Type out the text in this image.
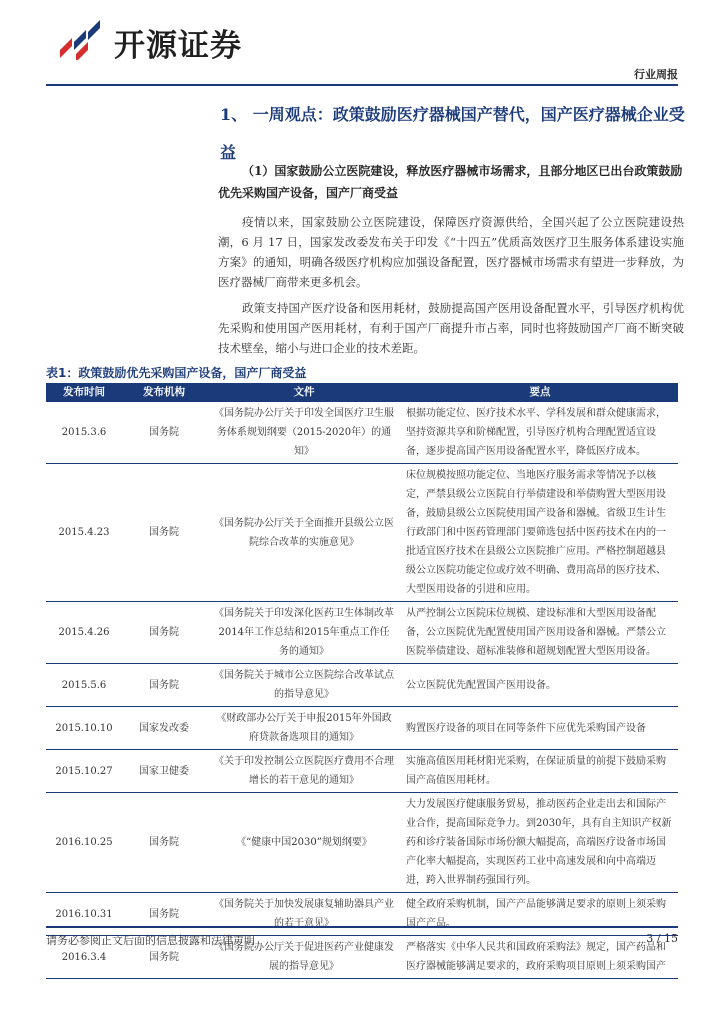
开源证券
行业周报
1、 一周观点：政策鼓励医疗器械国产替代，国产医疗器械企业受益
（1）国家鼓励公立医院建设，释放医疗器械市场需求，且部分地区已出台政策鼓励优先采购国产设备，国产厂商受益
疫情以来，国家鼓励公立医院建设，保障医疗资源供给，全国兴起了公立医院建设热潮，6 月 17 日，国家发改委发布关于印发《“十四五”优质高效医疗卫生服务体系建设实施方案》的通知，明确各级医疗机构应加强设备配置，医疗器械市场需求有望进一步释放，为医疗器械厂商带来更多机会。
政策支持国产医疗设备和医用耗材，鼓励提高国产医用设备配置水平，引导医疗机构优先采购和使用国产医用耗材，有利于国产厂商提升市占率，同时也将鼓励国产厂商不断突破技术壁垒，缩小与进口企业的技术差距。
表1：政策鼓励优先采购国产设备，国产厂商受益
发布时间	发布机构	文件	要点
2015.3.6	国务院	《国务院办公厅关于印发全国医疗卫生服务体系规划纲要（2015-2020年）的通知》	根据功能定位、医疗技术水平、学科发展和群众健康需求，坚持资源共享和阶梯配置，引导医疗机构合理配置适宜设备，逐步提高国产医用设备配置水平，降低医疗成本。
2015.4.23	国务院	《国务院办公厅关于全面推开县级公立医院综合改革的实施意见》	床位规模按照功能定位、当地医疗服务需求等情况予以核定，严禁县级公立医院自行举债建设和举债购置大型医用设备，鼓励县级公立医院使用国产设备和器械。省级卫生计生行政部门和中医药管理部门要筛选包括中医药技术在内的一批适宜医疗技术在县级公立医院推广应用。严格控制超越县级公立医院功能定位或疗效不明确、费用高昂的医疗技术、大型医用设备的引进和应用。
2015.4.26	国务院	《国务院关于印发深化医药卫生体制改革2014年工作总结和2015年重点工作任务的通知》	从严控制公立医院床位规模、建设标准和大型医用设备配备，公立医院优先配置使用国产医用设备和器械。严禁公立医院举债建设、超标准装修和超规划配置大型医用设备。
2015.5.6	国务院	《国务院关于城市公立医院综合改革试点的指导意见》	公立医院优先配置国产医用设备。
2015.10.10	国家发改委	《财政部办公厅关于申报2015年外国政府贷款备选项目的通知》	购置医疗设备的项目在同等条件下应优先采购国产设备
2015.10.27	国家卫健委	《关于印发控制公立医院医疗费用不合理增长的若干意见的通知》	实施高值医用耗材阳光采购，在保证质量的前提下鼓励采购国产高值医用耗材。
2016.10.25	国务院	《“健康中国2030”规划纲要》	大力发展医疗健康服务贸易，推动医药企业走出去和国际产业合作，提高国际竞争力。到2030年，具有自主知识产权新药和诊疗装备国际市场份额大幅提高，高端医疗设备市场国产化率大幅提高，实现医药工业中高速发展和向中高端迈进，跨入世界制药强国行列。
2016.10.31	国务院	《国务院关于加快发展康复辅助器具产业的若干意见》	健全政府采购机制，国产产品能够满足要求的原则上须采购国产产品。
2016.3.4	国务院	《国务院办公厅关于促进医药产业健康发展的指导意见》	严格落实《中华人民共和国政府采购法》规定，国产药品和医疗器械能够满足要求的，政府采购项目原则上须采购国产
请务必参阅正文后面的信息披露和法律声明	3 / 15
